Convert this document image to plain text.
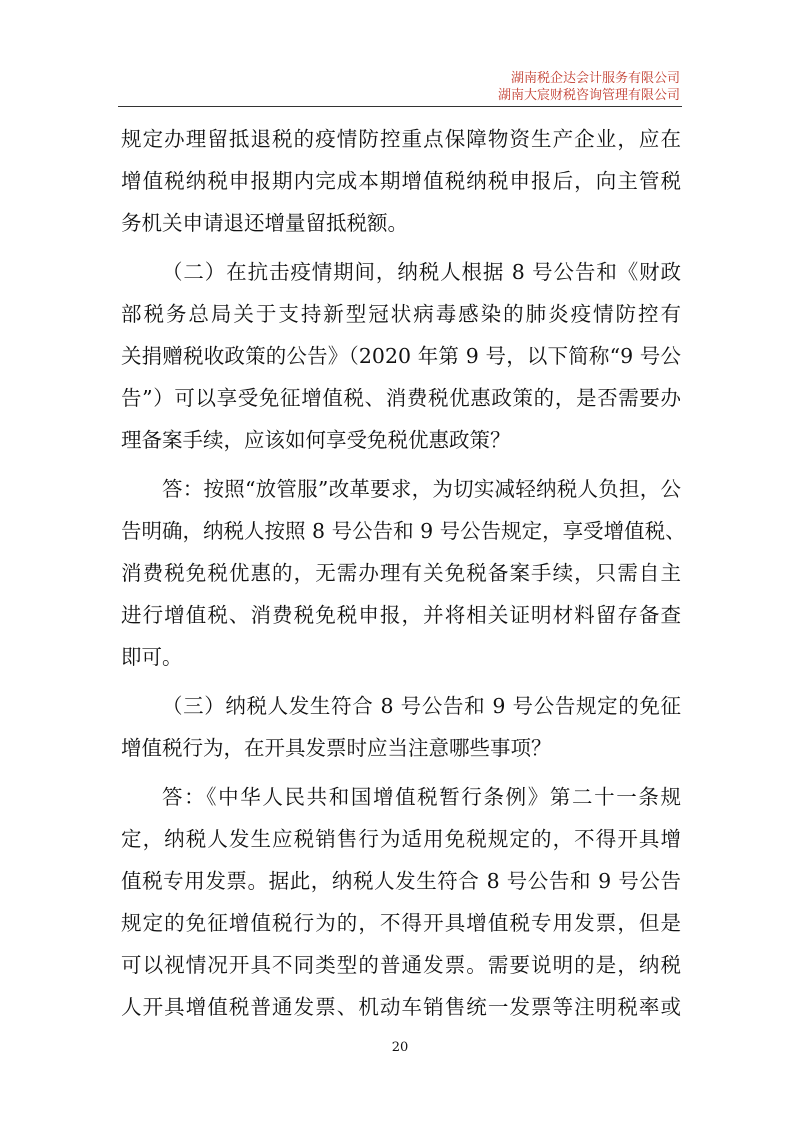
湖南税企达会计服务有限公司
湖南大宸财税咨询管理有限公司
规定办理留抵退税的疫情防控重点保障物资生产企业，应在
增值税纳税申报期内完成本期增值税纳税申报后，向主管税
务机关申请退还增量留抵税额。
（二）在抗击疫情期间，纳税人根据 8 号公告和《财政
部税务总局关于支持新型冠状病毒感染的肺炎疫情防控有
关捐赠税收政策的公告》（2020 年第 9 号，以下简称“9 号公
告”）可以享受免征增值税、消费税优惠政策的，是否需要办
理备案手续，应该如何享受免税优惠政策？
答：按照“放管服”改革要求，为切实减轻纳税人负担，公
告明确，纳税人按照 8 号公告和 9 号公告规定，享受增值税、
消费税免税优惠的，无需办理有关免税备案手续，只需自主
进行增值税、消费税免税申报，并将相关证明材料留存备查
即可。
（三）纳税人发生符合 8 号公告和 9 号公告规定的免征
增值税行为，在开具发票时应当注意哪些事项？
答：《中华人民共和国增值税暂行条例》第二十一条规
定，纳税人发生应税销售行为适用免税规定的，不得开具增
值税专用发票。据此，纳税人发生符合 8 号公告和 9 号公告
规定的免征增值税行为的，不得开具增值税专用发票，但是
可以视情况开具不同类型的普通发票。需要说明的是，纳税
人开具增值税普通发票、机动车销售统一发票等注明税率或
20
